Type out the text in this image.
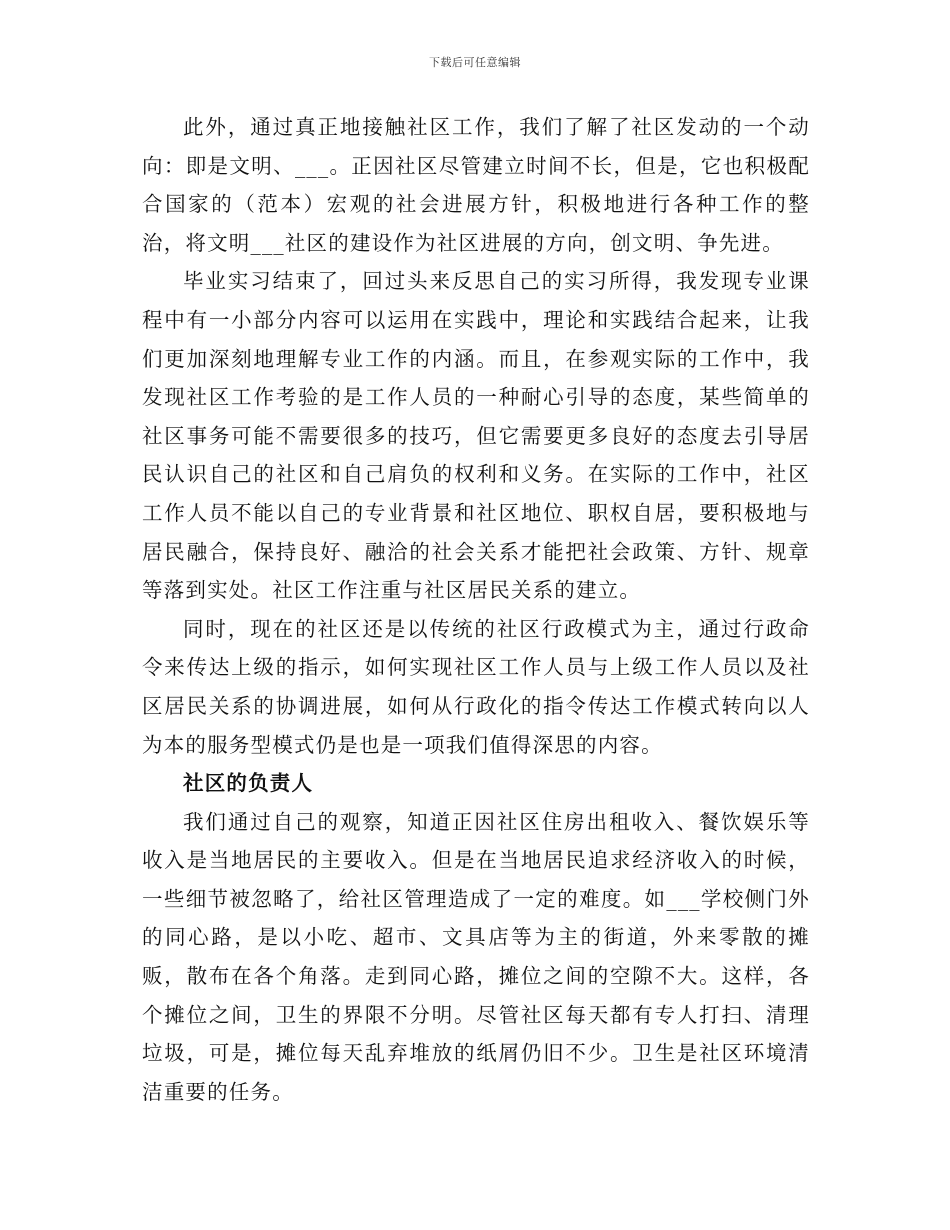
下载后可任意编辑

此外，通过真正地接触社区工作，我们了解了社区发动的一个动向：即是文明、___。正因社区尽管建立时间不长，但是，它也积极配合国家的（范本）宏观的社会进展方针，积极地进行各种工作的整治，将文明___社区的建设作为社区进展的方向，创文明、争先进。

毕业实习结束了，回过头来反思自己的实习所得，我发现专业课程中有一小部分内容可以运用在实践中，理论和实践结合起来，让我们更加深刻地理解专业工作的内涵。而且，在参观实际的工作中，我发现社区工作考验的是工作人员的一种耐心引导的态度，某些简单的社区事务可能不需要很多的技巧，但它需要更多良好的态度去引导居民认识自己的社区和自己肩负的权利和义务。在实际的工作中，社区工作人员不能以自己的专业背景和社区地位、职权自居，要积极地与居民融合，保持良好、融洽的社会关系才能把社会政策、方针、规章等落到实处。社区工作注重与社区居民关系的建立。

同时，现在的社区还是以传统的社区行政模式为主，通过行政命令来传达上级的指示，如何实现社区工作人员与上级工作人员以及社区居民关系的协调进展，如何从行政化的指令传达工作模式转向以人为本的服务型模式仍是也是一项我们值得深思的内容。

社区的负责人

我们通过自己的观察，知道正因社区住房出租收入、餐饮娱乐等收入是当地居民的主要收入。但是在当地居民追求经济收入的时候，一些细节被忽略了，给社区管理造成了一定的难度。如___学校侧门外的同心路，是以小吃、超市、文具店等为主的街道，外来零散的摊贩，散布在各个角落。走到同心路，摊位之间的空隙不大。这样，各个摊位之间，卫生的界限不分明。尽管社区每天都有专人打扫、清理垃圾，可是，摊位每天乱弃堆放的纸屑仍旧不少。卫生是社区环境清洁重要的任务。
